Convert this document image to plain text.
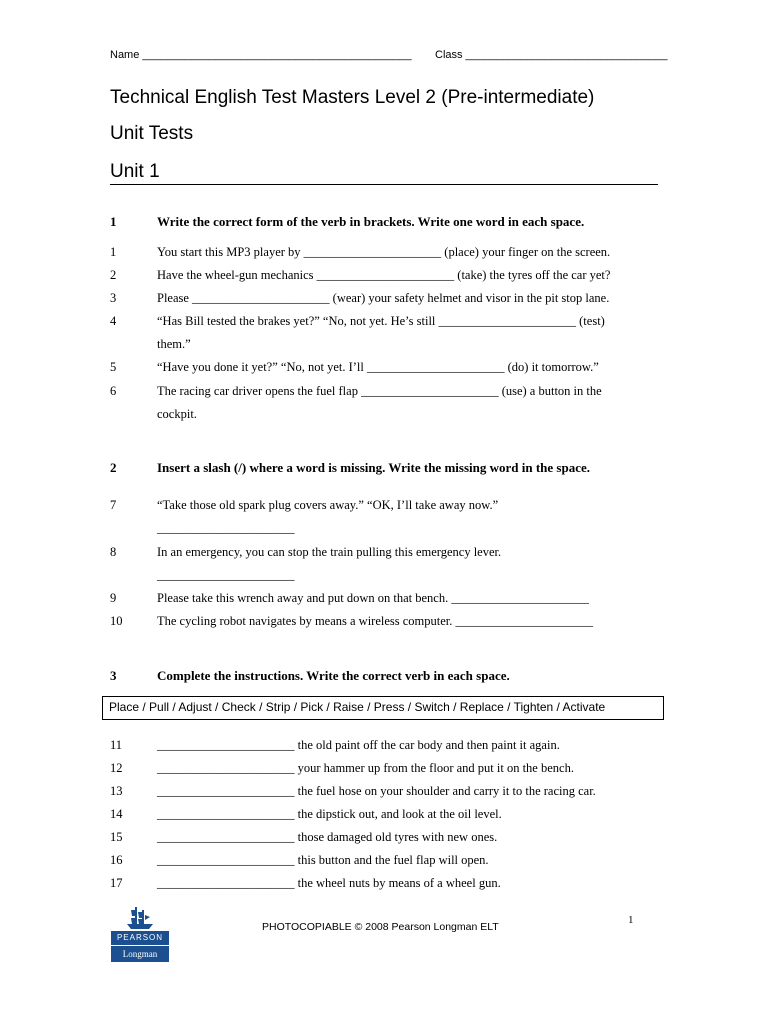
Name ____________________________________________ Class _________________________________
Technical English Test Masters Level 2 (Pre-intermediate)
Unit Tests
Unit 1
1	Write the correct form of the verb in brackets. Write one word in each space.
1	You start this MP3 player by ______________________ (place) your finger on the screen.
2	Have the wheel-gun mechanics ______________________ (take) the tyres off the car yet?
3	Please ______________________ (wear) your safety helmet and visor in the pit stop lane.
4	“Has Bill tested the brakes yet?” “No, not yet. He’s still ______________________ (test)
them.”
5	“Have you done it yet?” “No, not yet. I’ll ______________________ (do) it tomorrow.”
6	The racing car driver opens the fuel flap ______________________ (use) a button in the
cockpit.
2	Insert a slash (/) where a word is missing. Write the missing word in the space.
7	“Take those old spark plug covers away.” “OK, I’ll take away now.”
______________________
8	In an emergency, you can stop the train pulling this emergency lever.
______________________
9	Please take this wrench away and put down on that bench. ______________________
10	The cycling robot navigates by means a wireless computer. ______________________
3	Complete the instructions. Write the correct verb in each space.
Place / Pull / Adjust / Check / Strip / Pick / Raise / Press / Switch / Replace / Tighten / Activate
11	______________________ the old paint off the car body and then paint it again.
12	______________________ your hammer up from the floor and put it on the bench.
13	______________________ the fuel hose on your shoulder and carry it to the racing car.
14	______________________ the dipstick out, and look at the oil level.
15	______________________ those damaged old tyres with new ones.
16	______________________ this button and the fuel flap will open.
17	______________________ the wheel nuts by means of a wheel gun.
PEARSON
Longman
PHOTOCOPIABLE © 2008 Pearson Longman ELT
1
